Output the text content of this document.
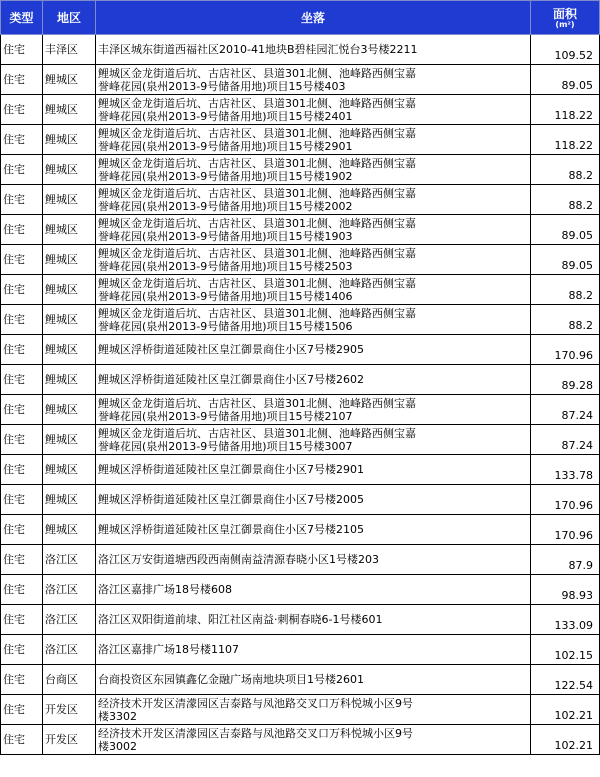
类型	地区	坐落	面积
(m²)

住宅	丰泽区	丰泽区城东街道西福社区2010-41地块B碧桂园汇悦台3号楼2211	109.52
住宅	鲤城区	鲤城区金龙街道后坑、古店社区、县道301北侧、池峰路西侧宝嘉
誉峰花园(泉州2013-9号储备用地)项目15号楼403	89.05
住宅	鲤城区	鲤城区金龙街道后坑、古店社区、县道301北侧、池峰路西侧宝嘉
誉峰花园(泉州2013-9号储备用地)项目15号楼2401	118.22
住宅	鲤城区	鲤城区金龙街道后坑、古店社区、县道301北侧、池峰路西侧宝嘉
誉峰花园(泉州2013-9号储备用地)项目15号楼2901	118.22
住宅	鲤城区	鲤城区金龙街道后坑、古店社区、县道301北侧、池峰路西侧宝嘉
誉峰花园(泉州2013-9号储备用地)项目15号楼1902	88.2
住宅	鲤城区	鲤城区金龙街道后坑、古店社区、县道301北侧、池峰路西侧宝嘉
誉峰花园(泉州2013-9号储备用地)项目15号楼2002	88.2
住宅	鲤城区	鲤城区金龙街道后坑、古店社区、县道301北侧、池峰路西侧宝嘉
誉峰花园(泉州2013-9号储备用地)项目15号楼1903	89.05
住宅	鲤城区	鲤城区金龙街道后坑、古店社区、县道301北侧、池峰路西侧宝嘉
誉峰花园(泉州2013-9号储备用地)项目15号楼2503	89.05
住宅	鲤城区	鲤城区金龙街道后坑、古店社区、县道301北侧、池峰路西侧宝嘉
誉峰花园(泉州2013-9号储备用地)项目15号楼1406	88.2
住宅	鲤城区	鲤城区金龙街道后坑、古店社区、县道301北侧、池峰路西侧宝嘉
誉峰花园(泉州2013-9号储备用地)项目15号楼1506	88.2
住宅	鲤城区	鲤城区浮桥街道延陵社区皇江御景商住小区7号楼2905	170.96
住宅	鲤城区	鲤城区浮桥街道延陵社区皇江御景商住小区7号楼2602	89.28
住宅	鲤城区	鲤城区金龙街道后坑、古店社区、县道301北侧、池峰路西侧宝嘉
誉峰花园(泉州2013-9号储备用地)项目15号楼2107	87.24
住宅	鲤城区	鲤城区金龙街道后坑、古店社区、县道301北侧、池峰路西侧宝嘉
誉峰花园(泉州2013-9号储备用地)项目15号楼3007	87.24
住宅	鲤城区	鲤城区浮桥街道延陵社区皇江御景商住小区7号楼2901	133.78
住宅	鲤城区	鲤城区浮桥街道延陵社区皇江御景商住小区7号楼2005	170.96
住宅	鲤城区	鲤城区浮桥街道延陵社区皇江御景商住小区7号楼2105	170.96
住宅	洛江区	洛江区万安街道塘西段西南侧南益清源春晓小区1号楼203	87.9
住宅	洛江区	洛江区嘉排广场18号楼608	98.93
住宅	洛江区	洛江区双阳街道前埭、阳江社区南益·刺桐春晓6-1号楼601	133.09
住宅	洛江区	洛江区嘉排广场18号楼1107	102.15
住宅	台商区	台商投资区东园镇鑫亿金融广场南地块项目1号楼2601	122.54
住宅	开发区	经济技术开发区清濛园区吉泰路与凤池路交叉口万科悦城小区9号
楼3302	102.21
住宅	开发区	经济技术开发区清濛园区吉泰路与凤池路交叉口万科悦城小区9号
楼3002	102.21
